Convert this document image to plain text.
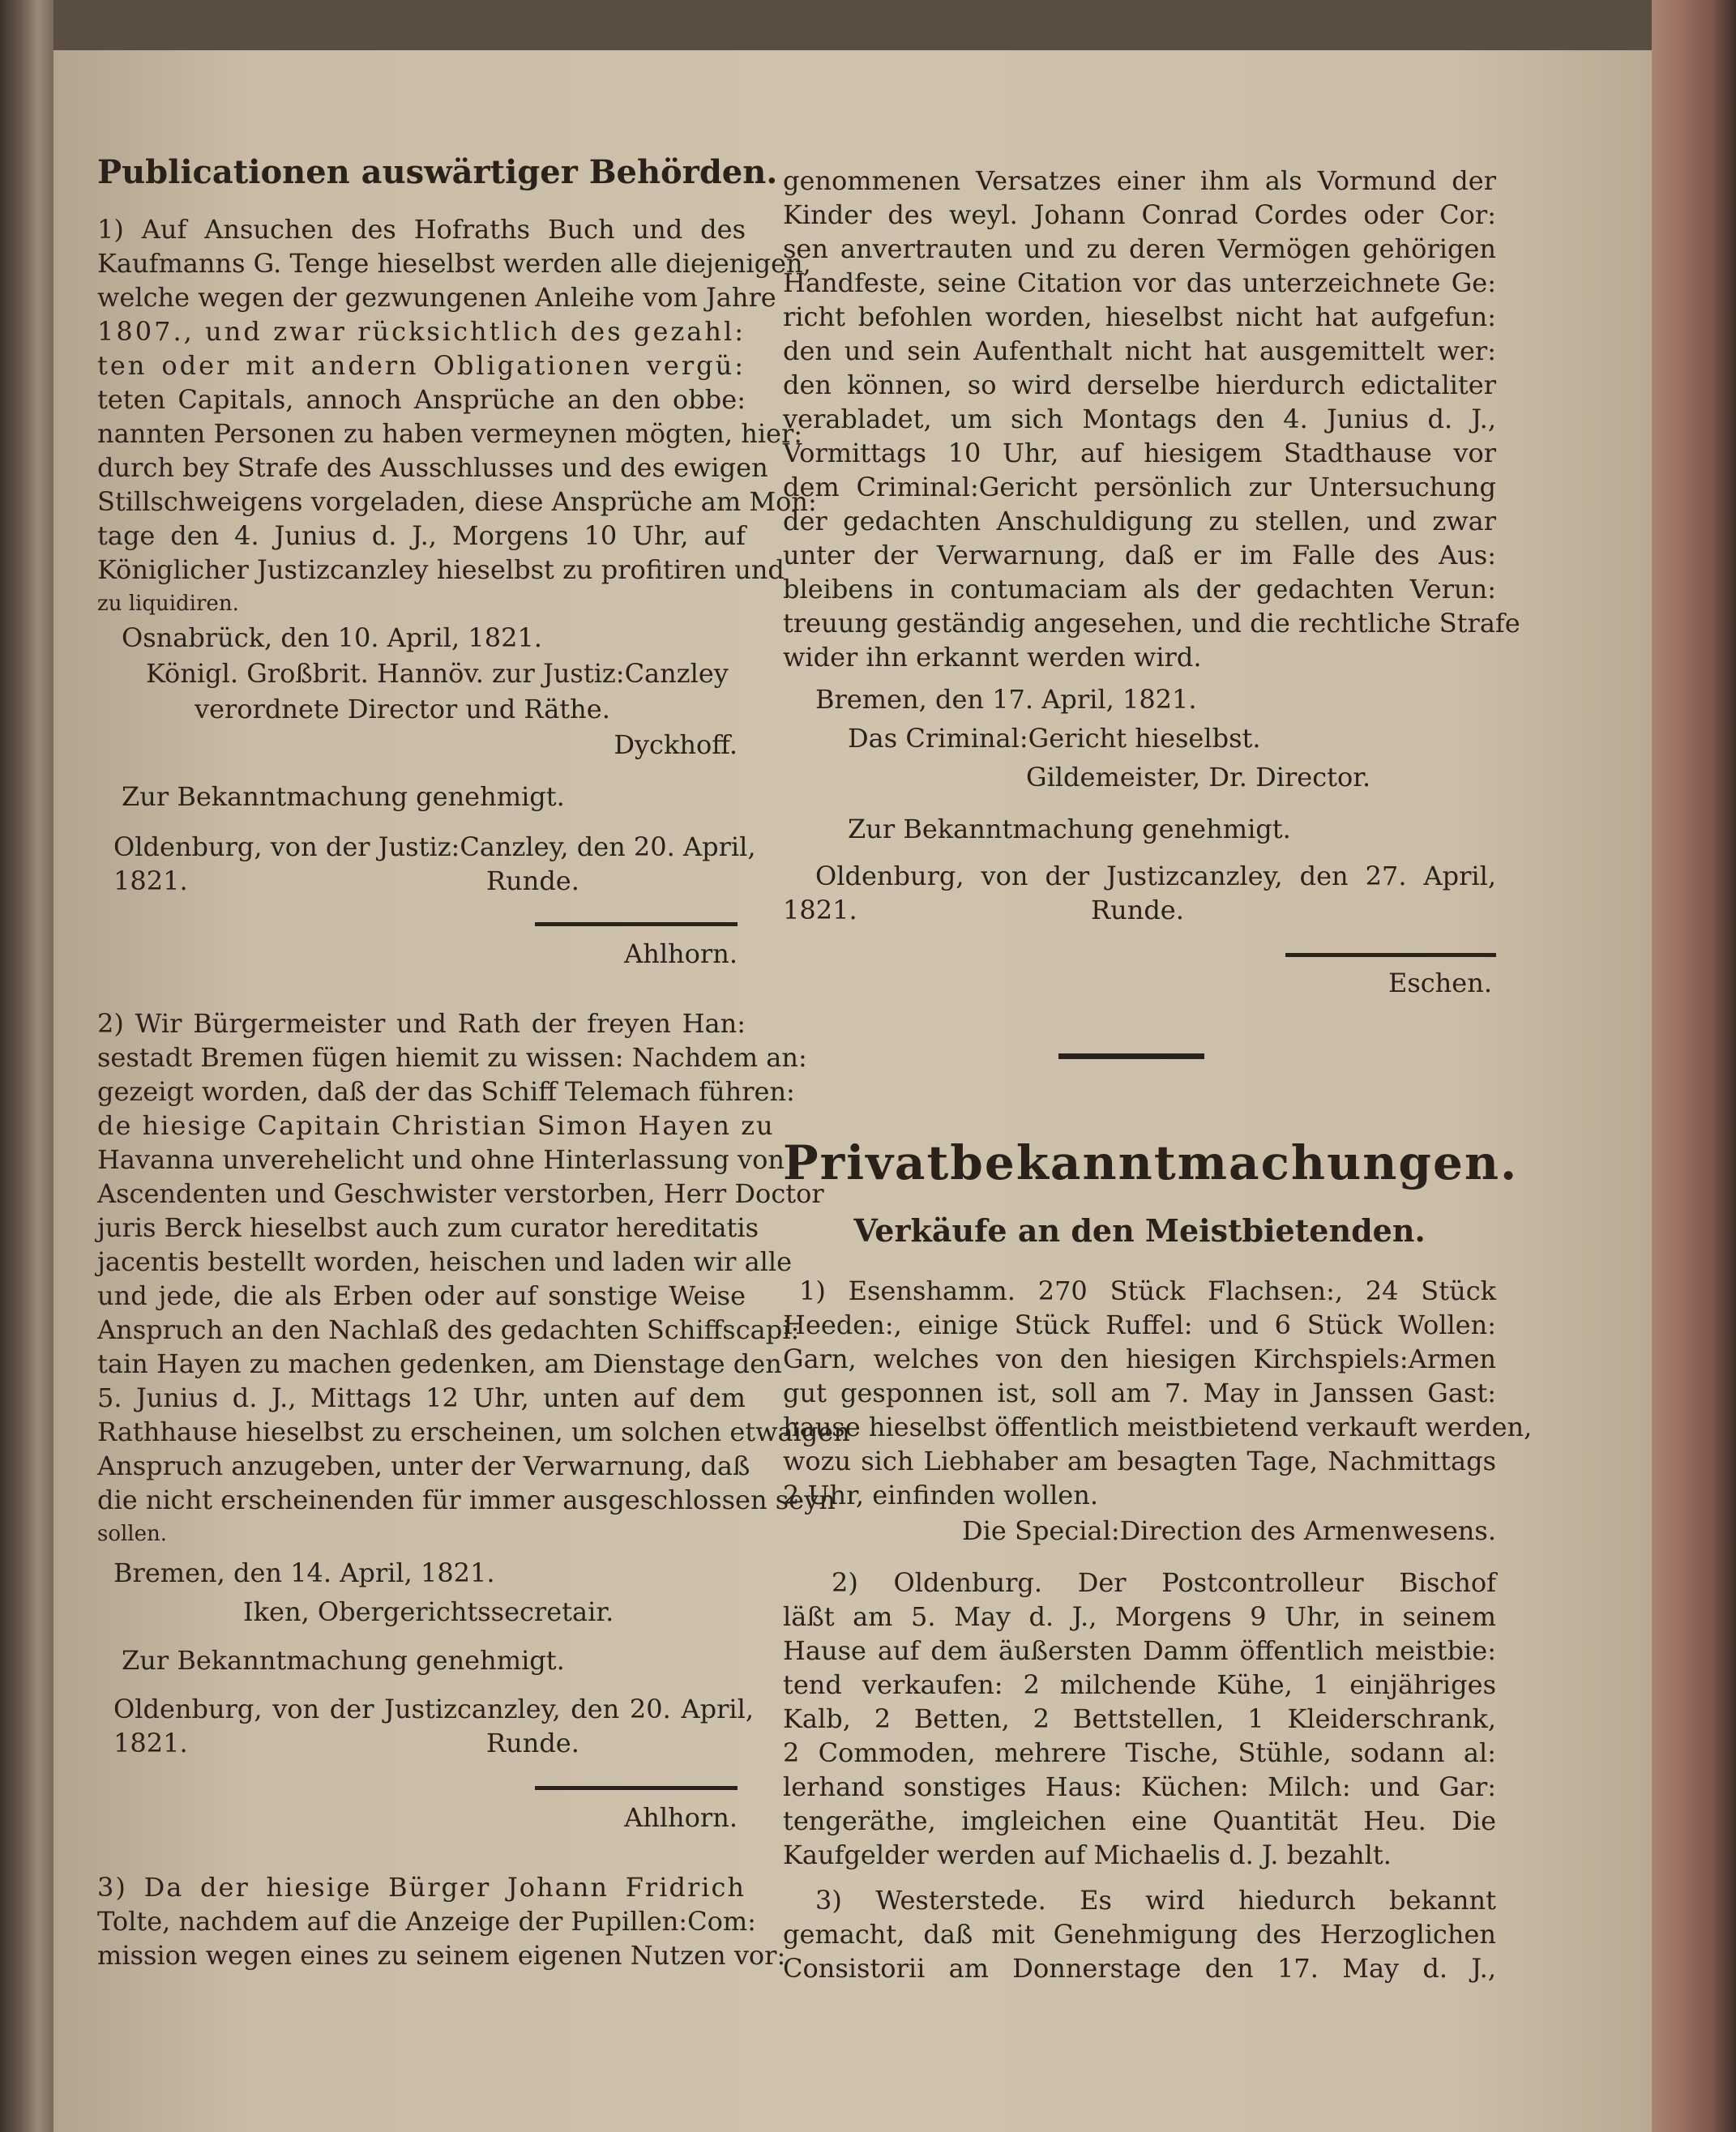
Publicationen auswärtiger Behörden.
1) Auf Ansuchen des Hofraths Buch und des
Kaufmanns G. Tenge hieselbst werden alle diejenigen,
welche wegen der gezwungenen Anleihe vom Jahre
1807., und zwar rücksichtlich des gezahl:
ten oder mit andern Obligationen vergü:
teten Capitals, annoch Ansprüche an den obbe:
nannten Personen zu haben vermeynen mögten, hier:
durch bey Strafe des Ausschlusses und des ewigen
Stillschweigens vorgeladen, diese Ansprüche am Mon:
tage den 4. Junius d. J., Morgens 10 Uhr, auf
Königlicher Justizcanzley hieselbst zu profitiren und
zu liquidiren.
Osnabrück, den 10. April, 1821.
Königl. Großbrit. Hannöv. zur Justiz:Canzley
verordnete Director und Räthe.
Dyckhoff.
Zur Bekanntmachung genehmigt.
Oldenburg, von der Justiz:Canzley, den 20. April,
1821.	Runde.
Ahlhorn.
2) Wir Bürgermeister und Rath der freyen Han:
sestadt Bremen fügen hiemit zu wissen: Nachdem an:
gezeigt worden, daß der das Schiff Telemach führen:
de hiesige Capitain Christian Simon Hayen zu
Havanna unverehelicht und ohne Hinterlassung von
Ascendenten und Geschwister verstorben, Herr Doctor
juris Berck hieselbst auch zum curator hereditatis
jacentis bestellt worden, heischen und laden wir alle
und jede, die als Erben oder auf sonstige Weise
Anspruch an den Nachlaß des gedachten Schiffscapi:
tain Hayen zu machen gedenken, am Dienstage den
5. Junius d. J., Mittags 12 Uhr, unten auf dem
Rathhause hieselbst zu erscheinen, um solchen etwaigen
Anspruch anzugeben, unter der Verwarnung, daß
die nicht erscheinenden für immer ausgeschlossen seyn
sollen.
Bremen, den 14. April, 1821.
Iken, Obergerichtssecretair.
Zur Bekanntmachung genehmigt.
Oldenburg, von der Justizcanzley, den 20. April,
1821.	Runde.
Ahlhorn.
3) Da der hiesige Bürger Johann Fridrich
Tolte, nachdem auf die Anzeige der Pupillen:Com:
mission wegen eines zu seinem eigenen Nutzen vor:
genommenen Versatzes einer ihm als Vormund der
Kinder des weyl. Johann Conrad Cordes oder Cor:
sen anvertrauten und zu deren Vermögen gehörigen
Handfeste, seine Citation vor das unterzeichnete Ge:
richt befohlen worden, hieselbst nicht hat aufgefun:
den und sein Aufenthalt nicht hat ausgemittelt wer:
den können, so wird derselbe hierdurch edictaliter
verabladet, um sich Montags den 4. Junius d. J.,
Vormittags 10 Uhr, auf hiesigem Stadthause vor
dem Criminal:Gericht persönlich zur Untersuchung
der gedachten Anschuldigung zu stellen, und zwar
unter der Verwarnung, daß er im Falle des Aus:
bleibens in contumaciam als der gedachten Verun:
treuung geständig angesehen, und die rechtliche Strafe
wider ihn erkannt werden wird.
Bremen, den 17. April, 1821.
Das Criminal:Gericht hieselbst.
Gildemeister, Dr. Director.
Zur Bekanntmachung genehmigt.
Oldenburg, von der Justizcanzley, den 27. April,
1821.	Runde.
Eschen.
Privatbekanntmachungen.
Verkäufe an den Meistbietenden.
1) Esenshamm. 270 Stück Flachsen:, 24 Stück
Heeden:, einige Stück Ruffel: und 6 Stück Wollen:
Garn, welches von den hiesigen Kirchspiels:Armen
gut gesponnen ist, soll am 7. May in Janssen Gast:
hause hieselbst öffentlich meistbietend verkauft werden,
wozu sich Liebhaber am besagten Tage, Nachmittags
2 Uhr, einfinden wollen.
Die Special:Direction des Armenwesens.
2) Oldenburg. Der Postcontrolleur Bischof
läßt am 5. May d. J., Morgens 9 Uhr, in seinem
Hause auf dem äußersten Damm öffentlich meistbie:
tend verkaufen: 2 milchende Kühe, 1 einjähriges
Kalb, 2 Betten, 2 Bettstellen, 1 Kleiderschrank,
2 Commoden, mehrere Tische, Stühle, sodann al:
lerhand sonstiges Haus: Küchen: Milch: und Gar:
tengeräthe, imgleichen eine Quantität Heu. Die
Kaufgelder werden auf Michaelis d. J. bezahlt.
3) Westerstede. Es wird hiedurch bekannt
gemacht, daß mit Genehmigung des Herzoglichen
Consistorii am Donnerstage den 17. May d. J.,
